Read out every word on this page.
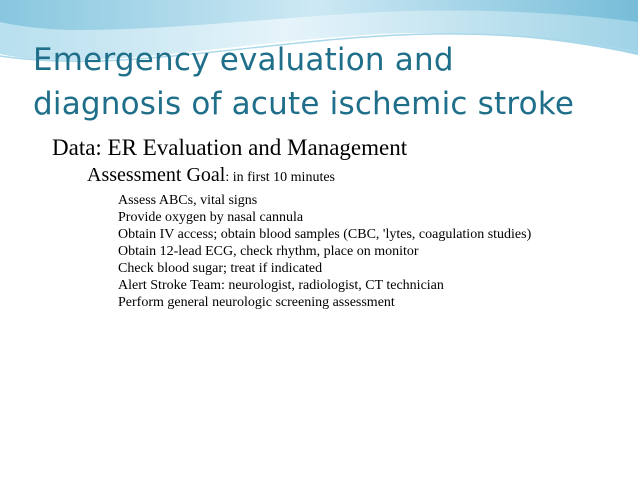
Emergency evaluation and
diagnosis of acute ischemic stroke
Data: ER Evaluation and Management
Assessment Goal: in first 10 minutes
Assess ABCs, vital signs
Provide oxygen by nasal cannula
Obtain IV access; obtain blood samples (CBC, 'lytes, coagulation studies)
Obtain 12-lead ECG, check rhythm, place on monitor
Check blood sugar; treat if indicated
Alert Stroke Team: neurologist, radiologist, CT technician
Perform general neurologic screening assessment
